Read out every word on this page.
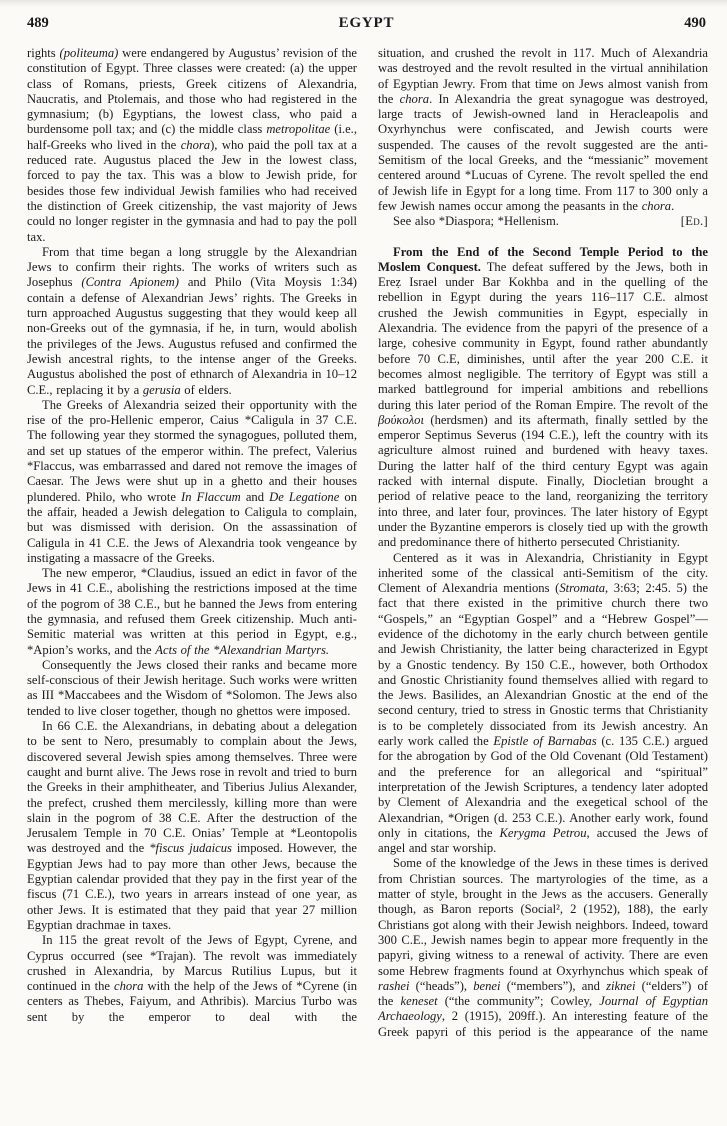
489	EGYPT	490

rights (politeuma) were endangered by Augustus’ revision of the constitution of Egypt. Three classes were created: (a) the upper class of Romans, priests, Greek citizens of Alexandria, Naucratis, and Ptolemais, and those who had registered in the gymnasium; (b) Egyptians, the lowest class, who paid a burdensome poll tax; and (c) the middle class metropolitae (i.e., half-Greeks who lived in the chora), who paid the poll tax at a reduced rate. Augustus placed the Jew in the lowest class, forced to pay the tax. This was a blow to Jewish pride, for besides those few individual Jewish families who had received the distinction of Greek citizenship, the vast majority of Jews could no longer register in the gymnasia and had to pay the poll tax.

From that time began a long struggle by the Alexandrian Jews to confirm their rights. The works of writers such as Josephus (Contra Apionem) and Philo (Vita Moysis 1:34) contain a defense of Alexandrian Jews’ rights. The Greeks in turn approached Augustus suggesting that they would keep all non-Greeks out of the gymnasia, if he, in turn, would abolish the privileges of the Jews. Augustus refused and confirmed the Jewish ancestral rights, to the intense anger of the Greeks. Augustus abolished the post of ethnarch of Alexandria in 10–12 C.E., replacing it by a gerusia of elders.

The Greeks of Alexandria seized their opportunity with the rise of the pro-Hellenic emperor, Caius *Caligula in 37 C.E. The following year they stormed the synagogues, polluted them, and set up statues of the emperor within. The prefect, Valerius *Flaccus, was embarrassed and dared not remove the images of Caesar. The Jews were shut up in a ghetto and their houses plundered. Philo, who wrote In Flaccum and De Legatione on the affair, headed a Jewish delegation to Caligula to complain, but was dismissed with derision. On the assassination of Caligula in 41 C.E. the Jews of Alexandria took vengeance by instigating a massacre of the Greeks.

The new emperor, *Claudius, issued an edict in favor of the Jews in 41 C.E., abolishing the restrictions imposed at the time of the pogrom of 38 C.E., but he banned the Jews from entering the gymnasia, and refused them Greek citizenship. Much anti-Semitic material was written at this period in Egypt, e.g., *Apion’s works, and the Acts of the *Alexandrian Martyrs.

Consequently the Jews closed their ranks and became more self-conscious of their Jewish heritage. Such works were written as III *Maccabees and the Wisdom of *Solomon. The Jews also tended to live closer together, though no ghettos were imposed.

In 66 C.E. the Alexandrians, in debating about a delegation to be sent to Nero, presumably to complain about the Jews, discovered several Jewish spies among themselves. Three were caught and burnt alive. The Jews rose in revolt and tried to burn the Greeks in their amphitheater, and Tiberius Julius Alexander, the prefect, crushed them mercilessly, killing more than were slain in the pogrom of 38 C.E. After the destruction of the Jerusalem Temple in 70 C.E. Onias’ Temple at *Leontopolis was destroyed and the *fiscus judaicus imposed. However, the Egyptian Jews had to pay more than other Jews, because the Egyptian calendar provided that they pay in the first year of the fiscus (71 C.E.), two years in arrears instead of one year, as other Jews. It is estimated that they paid that year 27 million Egyptian drachmae in taxes.

In 115 the great revolt of the Jews of Egypt, Cyrene, and Cyprus occurred (see *Trajan). The revolt was immediately crushed in Alexandria, by Marcus Rutilius Lupus, but it continued in the chora with the help of the Jews of *Cyrene (in centers as Thebes, Faiyum, and Athribis). Marcius Turbo was sent by the emperor to deal with the

situation, and crushed the revolt in 117. Much of Alexandria was destroyed and the revolt resulted in the virtual annihilation of Egyptian Jewry. From that time on Jews almost vanish from the chora. In Alexandria the great synagogue was destroyed, large tracts of Jewish-owned land in Heracleapolis and Oxyrhynchus were confiscated, and Jewish courts were suspended. The causes of the revolt suggested are the anti-Semitism of the local Greeks, and the “messianic” movement centered around *Lucuas of Cyrene. The revolt spelled the end of Jewish life in Egypt for a long time. From 117 to 300 only a few Jewish names occur among the peasants in the chora.

See also *Diaspora; *Hellenism.	[Ed.]

From the End of the Second Temple Period to the Moslem Conquest. The defeat suffered by the Jews, both in Ereẓ Israel under Bar Kokhba and in the quelling of the rebellion in Egypt during the years 116–117 C.E. almost crushed the Jewish communities in Egypt, especially in Alexandria. The evidence from the papyri of the presence of a large, cohesive community in Egypt, found rather abundantly before 70 C.E, diminishes, until after the year 200 C.E. it becomes almost negligible. The territory of Egypt was still a marked battleground for imperial ambitions and rebellions during this later period of the Roman Empire. The revolt of the βούκολοι (herdsmen) and its aftermath, finally settled by the emperor Septimus Severus (194 C.E.), left the country with its agriculture almost ruined and burdened with heavy taxes. During the latter half of the third century Egypt was again racked with internal dispute. Finally, Diocletian brought a period of relative peace to the land, reorganizing the territory into three, and later four, provinces. The later history of Egypt under the Byzantine emperors is closely tied up with the growth and predominance there of hitherto persecuted Christianity.

Centered as it was in Alexandria, Christianity in Egypt inherited some of the classical anti-Semitism of the city. Clement of Alexandria mentions (Stromata, 3:63; 2:45. 5) the fact that there existed in the primitive church there two “Gospels,” an “Egyptian Gospel” and a “Hebrew Gospel”—evidence of the dichotomy in the early church between gentile and Jewish Christianity, the latter being characterized in Egypt by a Gnostic tendency. By 150 C.E., however, both Orthodox and Gnostic Christianity found themselves allied with regard to the Jews. Basilides, an Alexandrian Gnostic at the end of the second century, tried to stress in Gnostic terms that Christianity is to be completely dissociated from its Jewish ancestry. An early work called the Epistle of Barnabas (c. 135 C.E.) argued for the abrogation by God of the Old Covenant (Old Testament) and the preference for an allegorical and “spiritual” interpretation of the Jewish Scriptures, a tendency later adopted by Clement of Alexandria and the exegetical school of the Alexandrian, *Origen (d. 253 C.E.). Another early work, found only in citations, the Kerygma Petrou, accused the Jews of angel and star worship.

Some of the knowledge of the Jews in these times is derived from Christian sources. The martyrologies of the time, as a matter of style, brought in the Jews as the accusers. Generally though, as Baron reports (Social², 2 (1952), 188), the early Christians got along with their Jewish neighbors. Indeed, toward 300 C.E., Jewish names begin to appear more frequently in the papyri, giving witness to a renewal of activity. There are even some Hebrew fragments found at Oxyrhynchus which speak of rashei (“heads”), benei (“members”), and ziknei (“elders”) of the keneset (“the community”; Cowley, Journal of Egyptian Archaeology, 2 (1915), 209ff.). An interesting feature of the Greek papyri of this period is the appearance of the name
